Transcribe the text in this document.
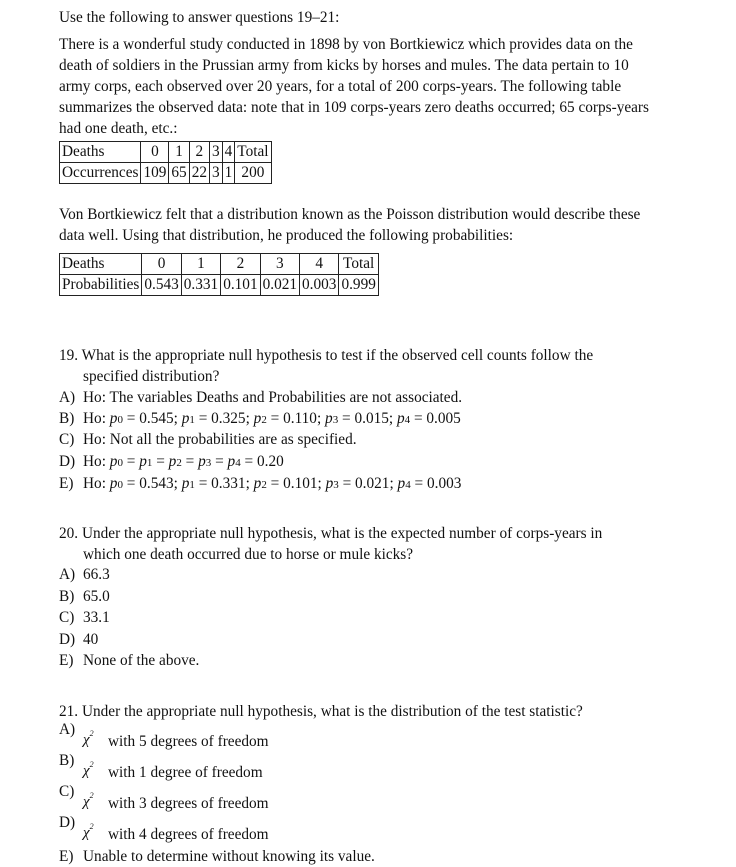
Use the following to answer questions 19–21:
Deaths	0	1	2	3	4	Total
Occurrences	109	65	22	3	1	200
Deaths	0	1	2	3	4	Total
Probabilities	0.543	0.331	0.101	0.021	0.003	0.999
There is a wonderful study conducted in 1898 by von Bortkiewicz which provides data on the
death of soldiers in the Prussian army from kicks by horses and mules. The data pertain to 10
army corps, each observed over 20 years, for a total of 200 corps-years. The following table
summarizes the observed data: note that in 109 corps-years zero deaths occurred; 65 corps-years
had one death, etc.:
Von Bortkiewicz felt that a distribution known as the Poisson distribution would describe these
data well. Using that distribution, he produced the following probabilities:
19. What is the appropriate null hypothesis to test if the observed cell counts follow the
specified distribution?
A) Ho: The variables Deaths and Probabilities are not associated.
B) Ho: p0 = 0.545; p1 = 0.325; p2 = 0.110; p3 = 0.015; p4 = 0.005
C) Ho: Not all the probabilities are as specified.
D) Ho: p0 = p1 = p2 = p3 = p4 = 0.20
E) Ho: p0 = 0.543; p1 = 0.331; p2 = 0.101; p3 = 0.021; p4 = 0.003
20. Under the appropriate null hypothesis, what is the expected number of corps-years in
which one death occurred due to horse or mule kicks?
A) 66.3
B) 65.0
C) 33.1
D) 40
E) None of the above.
21. Under the appropriate null hypothesis, what is the distribution of the test statistic?
A)
$\chi^2$ with 5 degrees of freedom
B)
$\chi^2$ with 1 degree of freedom
C)
$\chi^2$ with 3 degrees of freedom
D)
$\chi^2$ with 4 degrees of freedom
E) Unable to determine without knowing its value.
